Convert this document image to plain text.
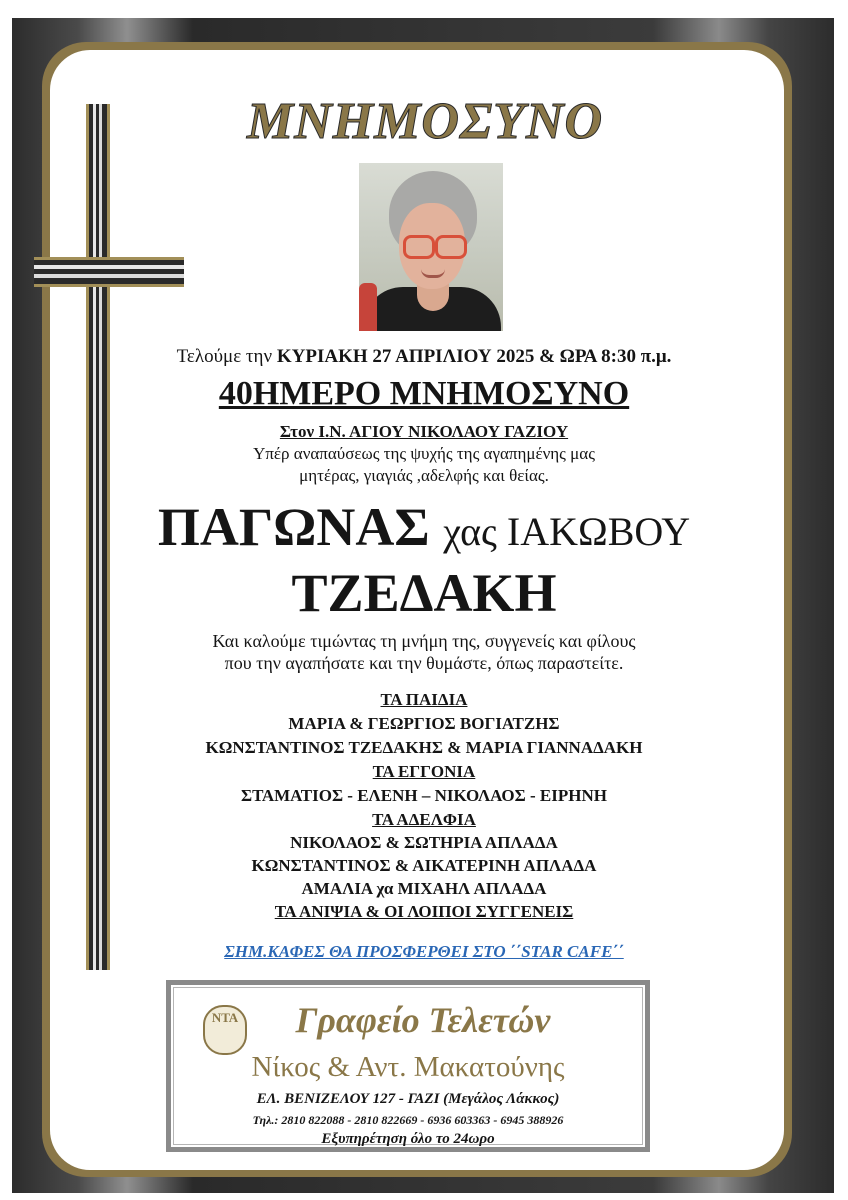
ΜΝΗΜΟΣΥΝΟ
Τελούμε την ΚΥΡΙΑΚΗ 27 ΑΠΡΙΛΙΟΥ 2025 & ΩΡΑ 8:30 π.μ.
40ΗΜΕΡΟ ΜΝΗΜΟΣΥΝΟ
Στον Ι.Ν. ΑΓΙΟΥ ΝΙΚΟΛΑΟΥ ΓΑΖΙΟΥ
Υπέρ αναπαύσεως της ψυχής της αγαπημένης μας
μητέρας, γιαγιάς ,αδελφής και θείας.
ΠΑΓΩΝΑΣ χας ΙΑΚΩΒΟΥ
ΤΖΕΔΑΚΗ
Και καλούμε τιμώντας τη μνήμη της, συγγενείς και φίλους
που την αγαπήσατε και την θυμάστε, όπως παραστείτε.
ΤΑ ΠΑΙΔΙΑ
ΜΑΡΙΑ & ΓΕΩΡΓΙΟΣ ΒΟΓΙΑΤΖΗΣ
ΚΩΝΣΤΑΝΤΙΝΟΣ ΤΖΕΔΑΚΗΣ & ΜΑΡΙΑ ΓΙΑΝΝΑΔΑΚΗ
ΤΑ ΕΓΓΟΝΙΑ
ΣΤΑΜΑΤΙΟΣ - ΕΛΕΝΗ – ΝΙΚΟΛΑΟΣ - ΕΙΡΗΝΗ
ΤΑ ΑΔΕΛΦΙΑ
ΝΙΚΟΛΑΟΣ & ΣΩΤΗΡΙΑ ΑΠΛΑΔΑ
ΚΩΝΣΤΑΝΤΙΝΟΣ & ΑΙΚΑΤΕΡΙΝΗ ΑΠΛΑΔΑ
ΑΜΑΛΙΑ χα ΜΙΧΑΗΛ ΑΠΛΑΔΑ
ΤΑ ΑΝΙΨΙΑ & ΟΙ ΛΟΙΠΟΙ ΣΥΓΓΕΝΕΙΣ
ΣΗΜ.ΚΑΦΕΣ ΘΑ ΠΡΟΣΦΕΡΘΕΙ ΣΤΟ ΄΄STAR CAFE΄΄
ΝΤΑ	Γραφείο Τελετών
Νίκος & Αντ. Μακατούνης
ΕΛ. ΒΕΝΙΖΕΛΟΥ 127 - ΓΑΖΙ (Μεγάλος Λάκκος)
Τηλ.: 2810 822088 - 2810 822669 - 6936 603363 - 6945 388926
Εξυπηρέτηση όλο το 24ωρο
